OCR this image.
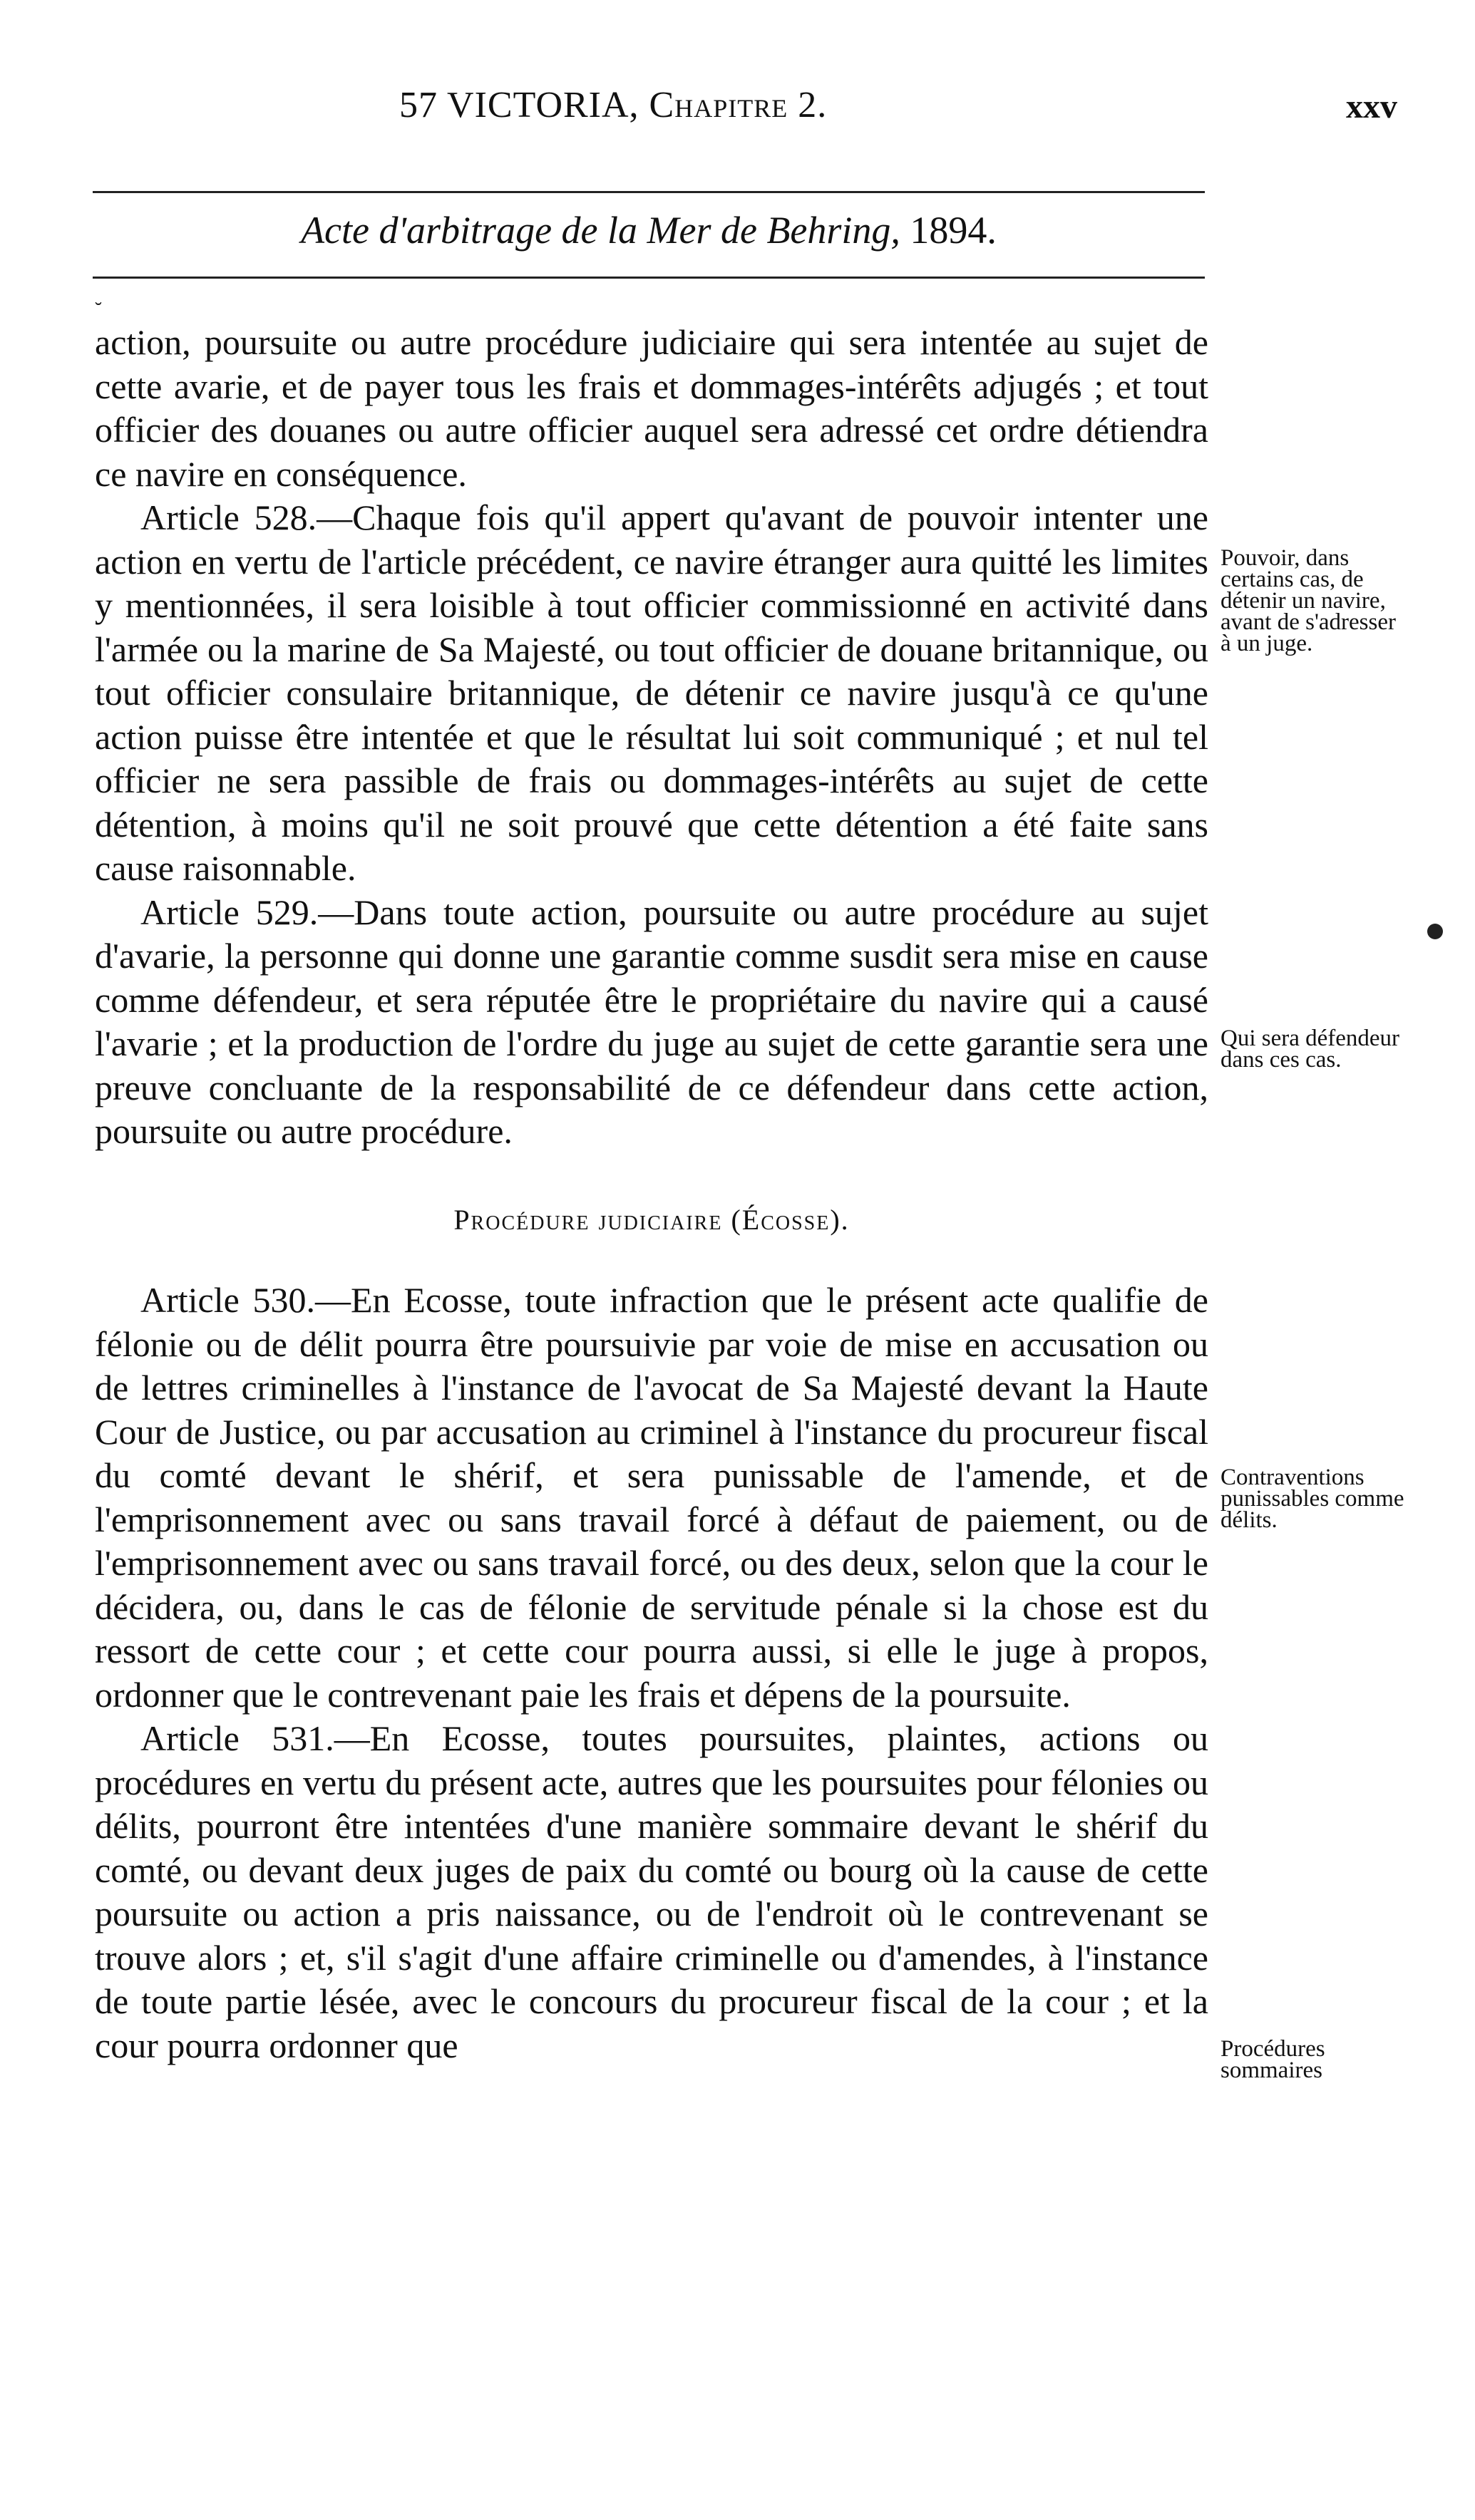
57 VICTORIA, Chapitre 2.	xxv
Acte d'arbitrage de la Mer de Behring, 1894.
˘

action, poursuite ou autre procédure judiciaire qui sera intentée au sujet de cette avarie, et de payer tous les frais et dommages-intérêts adjugés ; et tout officier des douanes ou autre officier auquel sera adressé cet ordre détiendra ce navire en conséquence.

Article 528.—Chaque fois qu'il appert qu'avant de pouvoir intenter une action en vertu de l'article précédent, ce navire étranger aura quitté les limites y mentionnées, il sera loisible à tout officier commissionné en activité dans l'armée ou la marine de Sa Majesté, ou tout officier de douane britannique, ou tout officier consulaire britannique, de détenir ce navire jusqu'à ce qu'une action puisse être intentée et que le résultat lui soit communiqué ; et nul tel officier ne sera passible de frais ou dommages-intérêts au sujet de cette détention, à moins qu'il ne soit prouvé que cette détention a été faite sans cause raisonnable.

Article 529.—Dans toute action, poursuite ou autre procédure au sujet d'avarie, la personne qui donne une garantie comme susdit sera mise en cause comme défendeur, et sera réputée être le propriétaire du navire qui a causé l'avarie ; et la production de l'ordre du juge au sujet de cette garantie sera une preuve concluante de la responsabilité de ce défendeur dans cette action, poursuite ou autre procédure.

Procédure judiciaire (Écosse).

Article 530.—En Ecosse, toute infraction que le présent acte qualifie de félonie ou de délit pourra être poursuivie par voie de mise en accusation ou de lettres criminelles à l'instance de l'avocat de Sa Majesté devant la Haute Cour de Justice, ou par accusation au criminel à l'instance du procureur fiscal du comté devant le shérif, et sera punissable de l'amende, et de l'emprisonnement avec ou sans travail forcé à défaut de paiement, ou de l'emprisonnement avec ou sans travail forcé, ou des deux, selon que la cour le décidera, ou, dans le cas de félonie de servitude pénale si la chose est du ressort de cette cour ; et cette cour pourra aussi, si elle le juge à propos, ordonner que le contrevenant paie les frais et dépens de la poursuite.

Article 531.—En Ecosse, toutes poursuites, plaintes, actions ou procédures en vertu du présent acte, autres que les poursuites pour félonies ou délits, pourront être intentées d'une manière sommaire devant le shérif du comté, ou devant deux juges de paix du comté ou bourg où la cause de cette poursuite ou action a pris naissance, ou de l'endroit où le contrevenant se trouve alors ; et, s'il s'agit d'une affaire criminelle ou d'amendes, à l'instance de toute partie lésée, avec le concours du procureur fiscal de la cour ; et la cour pourra ordonner que

Pouvoir, dans certains cas, de détenir un navire, avant de s'adresser à un juge.
Qui sera défendeur dans ces cas.
Contraventions punissables comme délits.
Procédures sommaires
